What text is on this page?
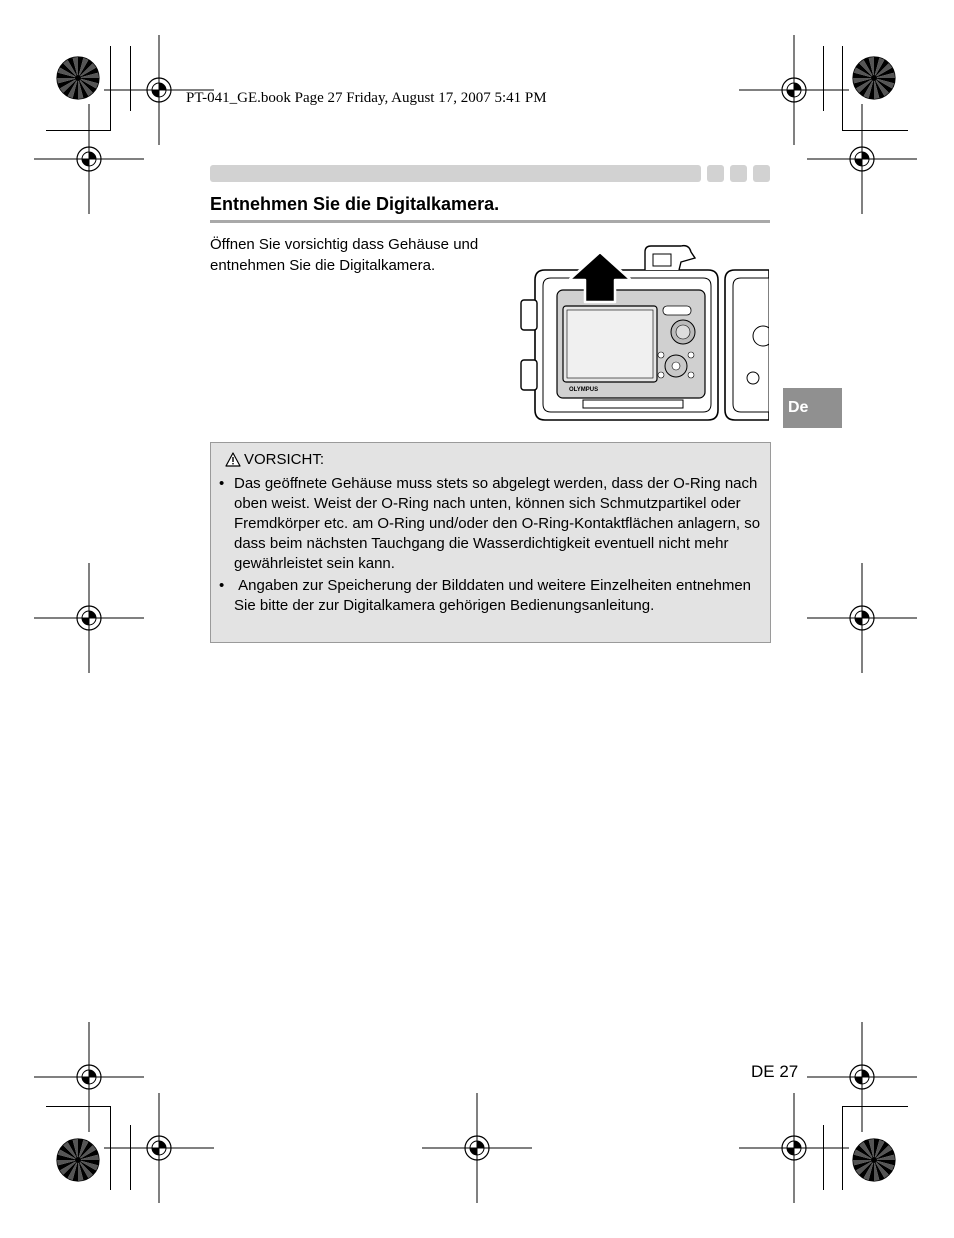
PT-041_GE.book Page 27 Friday, August 17, 2007 5:41 PM
Entnehmen Sie die Digitalkamera.
Öffnen Sie vorsichtig dass Gehäuse und entnehmen Sie die Digitalkamera.
OLYMPUS
De
VORSICHT:
• Das geöffnete Gehäuse muss stets so abgelegt werden, dass der O-Ring nach oben weist. Weist der O-Ring nach unten, können sich Schmutzpartikel oder Fremdkörper etc. am O-Ring und/oder den O-Ring-Kontaktflächen anlagern, so dass beim nächsten Tauchgang die Wasserdichtigkeit eventuell nicht mehr gewährleistet sein kann.
• Angaben zur Speicherung der Bilddaten und weitere Einzelheiten entnehmen Sie bitte der zur Digitalkamera gehörigen Bedienungsanleitung.
DE 27
